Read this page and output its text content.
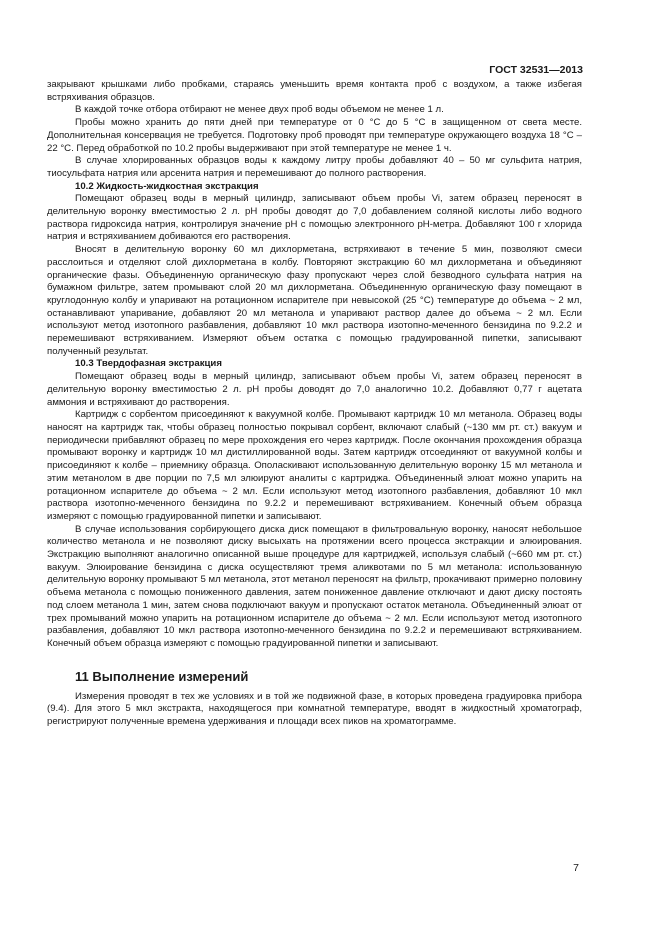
ГОСТ 32531—2013

закрывают крышками либо пробками, стараясь уменьшить время контакта проб с воздухом, а также избегая встряхивания образцов.

В каждой точке отбора отбирают не менее двух проб воды объемом не менее 1 л.

Пробы можно хранить до пяти дней при температуре от 0 °С до 5 °С в защищенном от света месте. Дополнительная консервация не требуется. Подготовку проб проводят при температуре окружающего воздуха 18 °С – 22 °С. Перед обработкой по 10.2 пробы выдерживают при этой температуре не менее 1 ч.

В случае хлорированных образцов воды к каждому литру пробы добавляют 40 – 50 мг сульфита натрия, тиосульфата натрия или арсенита натрия и перемешивают до полного растворения.

10.2 Жидкость-жидкостная экстракция

Помещают образец воды в мерный цилиндр, записывают объем пробы Vi, затем образец переносят в делительную воронку вместимостью 2 л. рН пробы доводят до 7,0 добавлением соляной кислоты либо водного раствора гидроксида натрия, контролируя значение рН с помощью электронного рН-метра. Добавляют 100 г хлорида натрия и встряхиванием добиваются его растворения.

Вносят в делительную воронку 60 мл дихлорметана, встряхивают в течение 5 мин, позволяют смеси расслоиться и отделяют слой дихлорметана в колбу. Повторяют экстракцию 60 мл дихлорметана и объединяют органические фазы. Объединенную органическую фазу пропускают через слой безводного сульфата натрия на бумажном фильтре, затем промывают слой 20 мл дихлорметана. Объединенную органическую фазу помещают в круглодонную колбу и упаривают на ротационном испарителе при невысокой (25 °С) температуре до объема ~ 2 мл, останавливают упаривание, добавляют 20 мл метанола и упаривают раствор далее до объема ~ 2 мл. Если используют метод изотопного разбавления, добавляют 10 мкл раствора изотопно-меченного бензидина по 9.2.2 и перемешивают встряхиванием. Измеряют объем остатка с помощью градуированной пипетки, записывают полученный результат.

10.3 Твердофазная экстракция

Помещают образец воды в мерный цилиндр, записывают объем пробы Vi, затем образец переносят в делительную воронку вместимостью 2 л. рН пробы доводят до 7,0 аналогично 10.2. Добавляют 0,77 г ацетата аммония и встряхивают до растворения.

Картридж с сорбентом присоединяют к вакуумной колбе. Промывают картридж 10 мл метанола. Образец воды наносят на картридж так, чтобы образец полностью покрывал сорбент, включают слабый (~130 мм рт. ст.) вакуум и периодически прибавляют образец по мере прохождения его через картридж. После окончания прохождения образца промывают воронку и картридж 10 мл дистиллированной воды. Затем картридж отсоединяют от вакуумной колбы и присоединяют к колбе – приемнику образца. Ополаскивают использованную делительную воронку 15 мл метанола и этим метанолом в две порции по 7,5 мл элюируют аналиты с картриджа. Объединенный элюат можно упарить на ротационном испарителе до объема ~ 2 мл. Если используют метод изотопного разбавления, добавляют 10 мкл раствора изотопно-меченного бензидина по 9.2.2 и перемешивают встряхиванием. Конечный объем образца измеряют с помощью градуированной пипетки и записывают.

В случае использования сорбирующего диска диск помещают в фильтровальную воронку, наносят небольшое количество метанола и не позволяют диску высыхать на протяжении всего процесса экстракции и элюирования. Экстракцию выполняют аналогично описанной выше процедуре для картриджей, используя слабый (~660 мм рт. ст.) вакуум. Элюирование бензидина с диска осуществляют тремя аликвотами по 5 мл метанола: использованную делительную воронку промывают 5 мл метанола, этот метанол переносят на фильтр, прокачивают примерно половину объема метанола с помощью пониженного давления, затем пониженное давление отключают и дают диску постоять под слоем метанола 1 мин, затем снова подключают вакуум и пропускают остаток метанола. Объединенный элюат от трех промываний можно упарить на ротационном испарителе до объема ~ 2 мл. Если используют метод изотопного разбавления, добавляют 10 мкл раствора изотопно-меченного бензидина по 9.2.2 и перемешивают встряхиванием. Конечный объем образца измеряют с помощью градуированной пипетки и записывают.

11 Выполнение измерений

Измерения проводят в тех же условиях и в той же подвижной фазе, в которых проведена градуировка прибора (9.4). Для этого 5 мкл экстракта, находящегося при комнатной температуре, вводят в жидкостный хроматограф, регистрируют полученные времена удерживания и площади всех пиков на хроматограмме.

7
